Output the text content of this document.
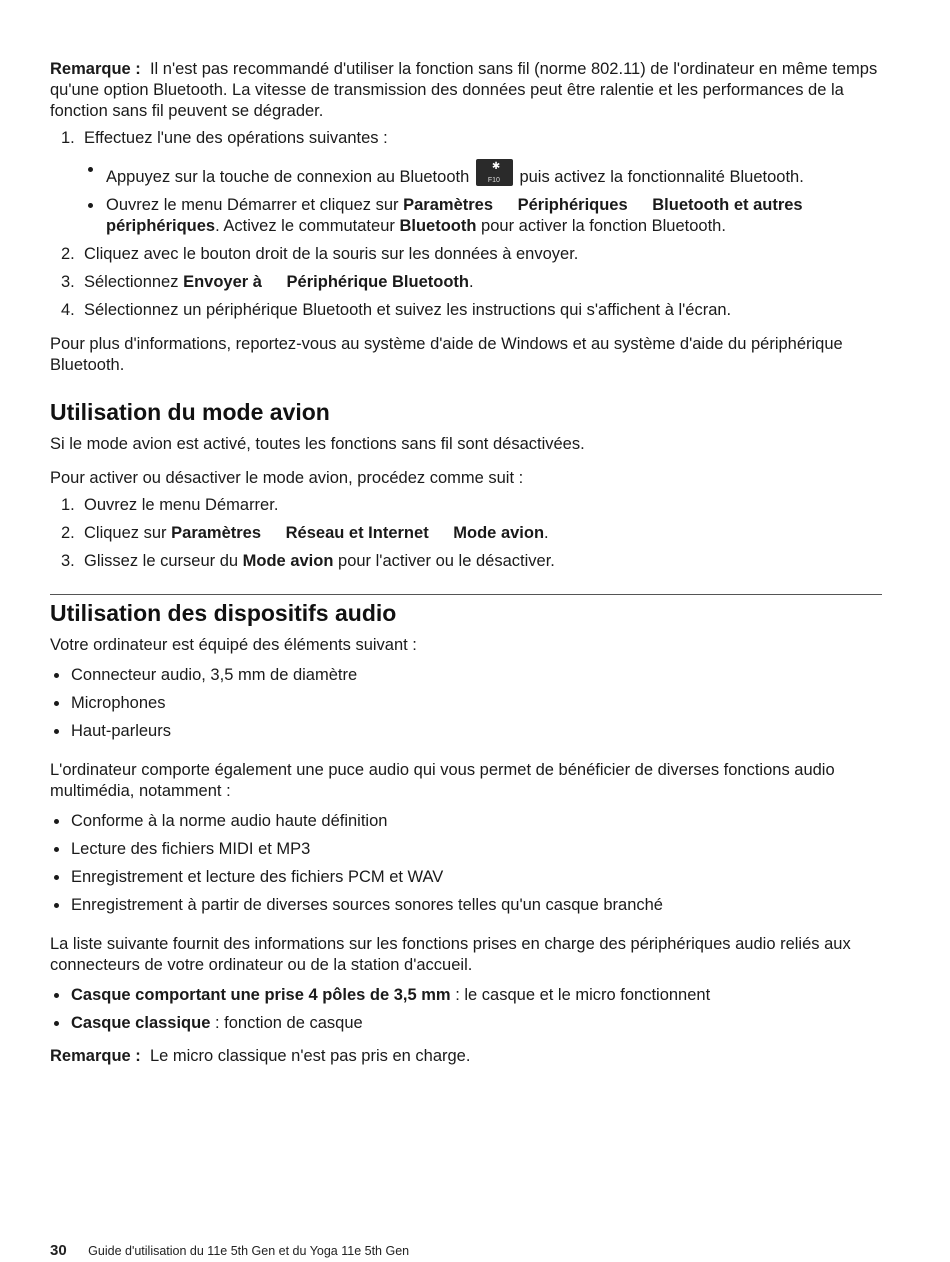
Remarque : Il n'est pas recommandé d'utiliser la fonction sans fil (norme 802.11) de l'ordinateur en même temps qu'une option Bluetooth. La vitesse de transmission des données peut être ralentie et les performances de la fonction sans fil peuvent se dégrader.

1. Effectuez l'une des opérations suivantes :
Appuyez sur la touche de connexion au Bluetooth
✱
F10 puis activez la fonctionnalité Bluetooth.
Ouvrez le menu Démarrer et cliquez sur Paramètres Périphériques Bluetooth et autres périphériques. Activez le commutateur Bluetooth pour activer la fonction Bluetooth.
2. Cliquez avec le bouton droit de la souris sur les données à envoyer.
3. Sélectionnez Envoyer à Périphérique Bluetooth.
4. Sélectionnez un périphérique Bluetooth et suivez les instructions qui s'affichent à l'écran.

Pour plus d'informations, reportez-vous au système d'aide de Windows et au système d'aide du périphérique Bluetooth.

Utilisation du mode avion

Si le mode avion est activé, toutes les fonctions sans fil sont désactivées.

Pour activer ou désactiver le mode avion, procédez comme suit :

1. Ouvrez le menu Démarrer.
2. Cliquez sur Paramètres Réseau et Internet Mode avion.
3. Glissez le curseur du Mode avion pour l'activer ou le désactiver.
Utilisation des dispositifs audio

Votre ordinateur est équipé des éléments suivant :

Connecteur audio, 3,5 mm de diamètre
Microphones
Haut-parleurs

L'ordinateur comporte également une puce audio qui vous permet de bénéficier de diverses fonctions audio multimédia, notamment :

Conforme à la norme audio haute définition
Lecture des fichiers MIDI et MP3
Enregistrement et lecture des fichiers PCM et WAV
Enregistrement à partir de diverses sources sonores telles qu'un casque branché

La liste suivante fournit des informations sur les fonctions prises en charge des périphériques audio reliés aux connecteurs de votre ordinateur ou de la station d'accueil.

Casque comportant une prise 4 pôles de 3,5 mm : le casque et le micro fonctionnent
Casque classique : fonction de casque

Remarque : Le micro classique n'est pas pris en charge.

30 Guide d'utilisation du 11e 5th Gen et du Yoga 11e 5th Gen
